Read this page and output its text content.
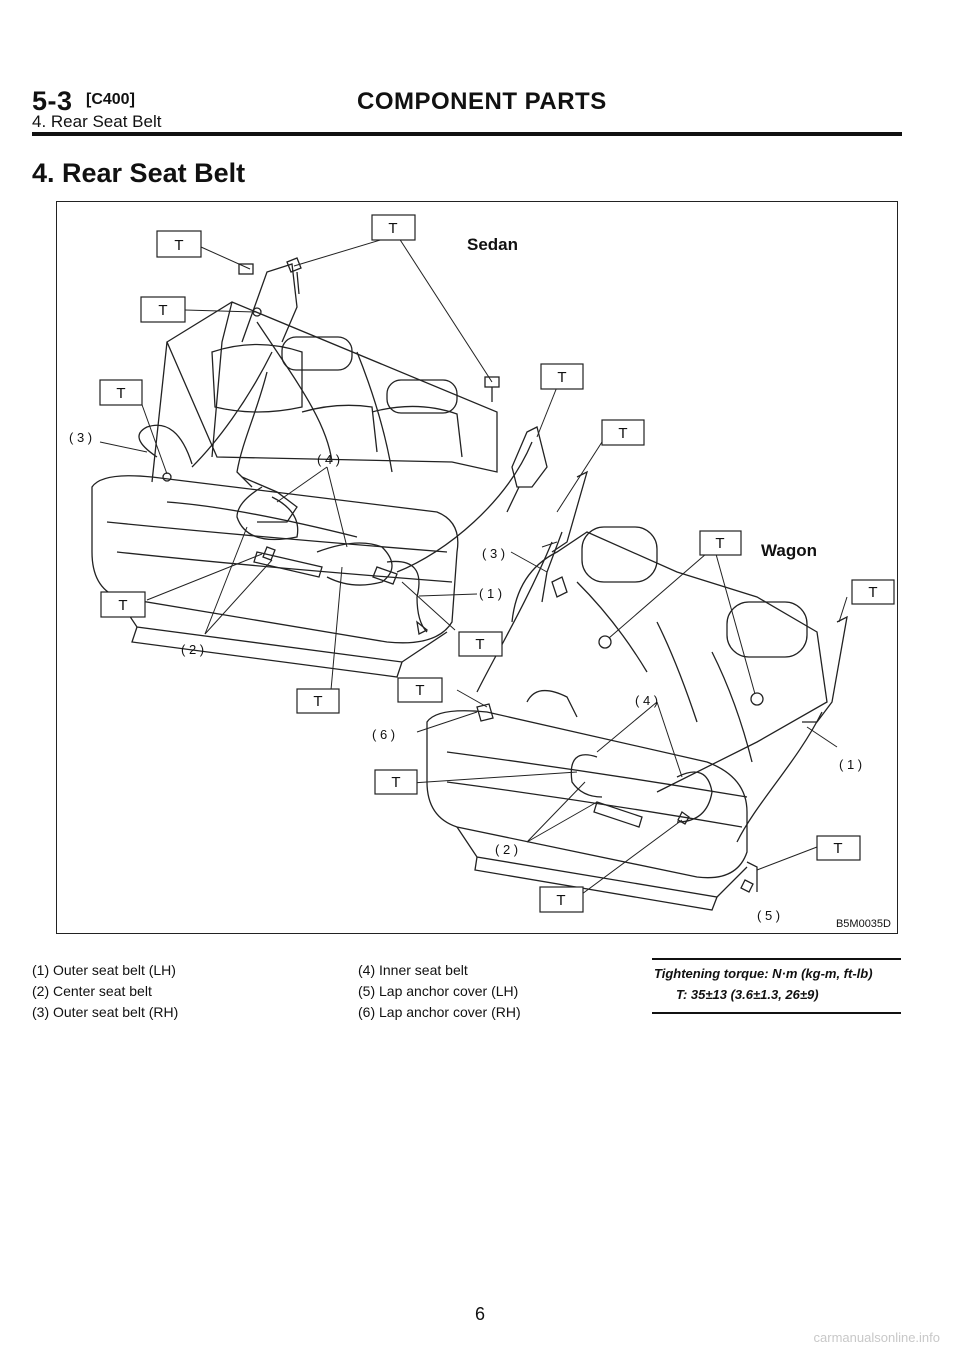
5-3 [C400]	COMPONENT PARTS
4. Rear Seat Belt
4. Rear Seat Belt
Sedan
Wagon
T
T
T
T
T
T
T
T
T
T
T
T
T
T
T
( 3 )
( 4 )
( 2 )
( 1 )
( 3 )
( 4 )
( 6 )
( 1 )
( 2 )
( 5 )
B5M0035D
(1) Outer seat belt (LH)
(2) Center seat belt
(3) Outer seat belt (RH)
(4) Inner seat belt
(5) Lap anchor cover (LH)
(6) Lap anchor cover (RH)
Tightening torque: N·m (kg-m, ft-lb)
T: 35±13 (3.6±1.3, 26±9)
6
carmanualsonline.info
